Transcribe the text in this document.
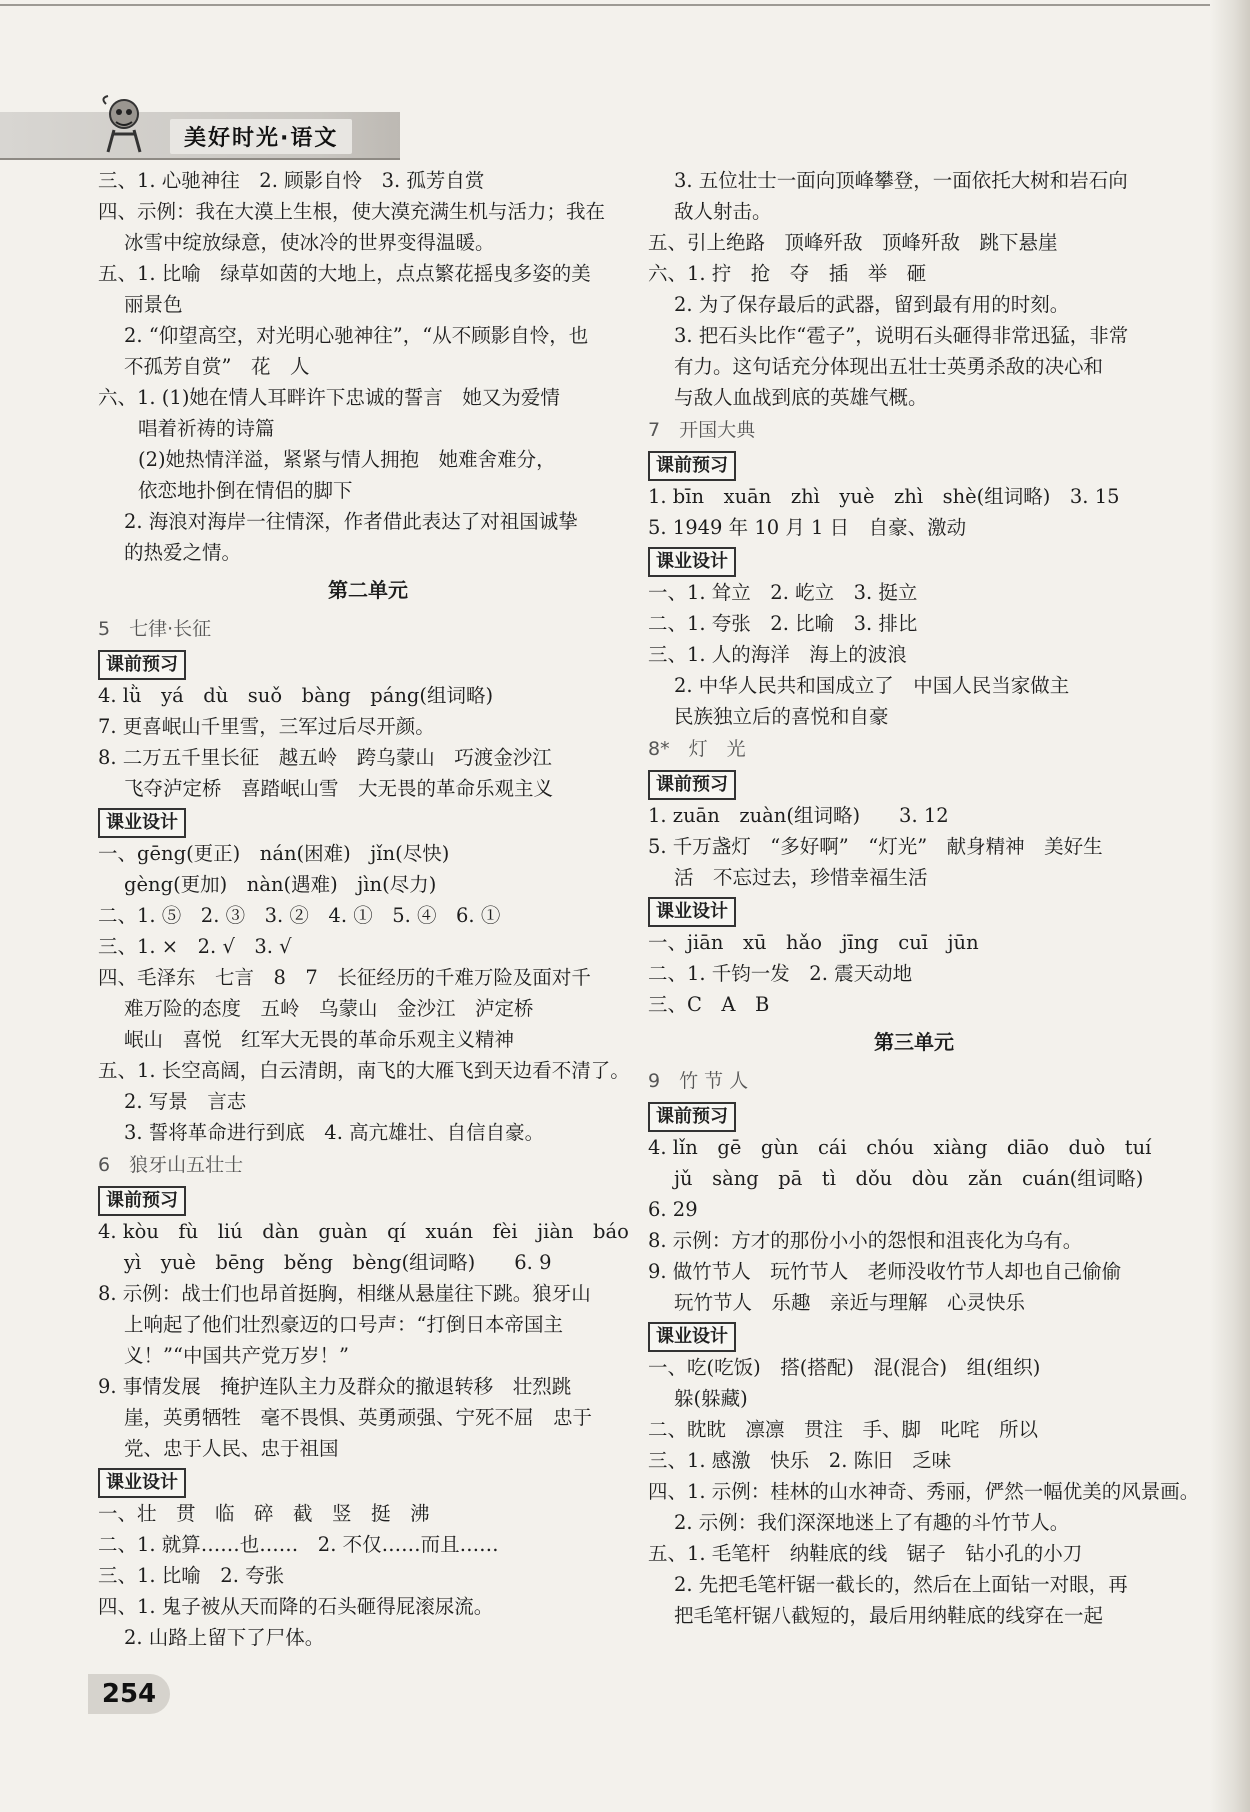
美好时光·语文
三、1. 心驰神往　2. 顾影自怜　3. 孤芳自赏
四、示例：我在大漠上生根，使大漠充满生机与活力；我在
冰雪中绽放绿意，使冰冷的世界变得温暖。
五、1. 比喻　绿草如茵的大地上，点点繁花摇曳多姿的美
丽景色
2. “仰望高空，对光明心驰神往”，“从不顾影自怜，也
不孤芳自赏”　花　人
六、1. (1)她在情人耳畔许下忠诚的誓言　她又为爱情
唱着祈祷的诗篇
(2)她热情洋溢，紧紧与情人拥抱　她难舍难分，
依恋地扑倒在情侣的脚下
2. 海浪对海岸一往情深，作者借此表达了对祖国诚挚
的热爱之情。
第二单元
5　七律·长征
课前预习
4. lǜ　yá　dù　suǒ　bàng　páng(组词略)
7. 更喜岷山千里雪，三军过后尽开颜。
8. 二万五千里长征　越五岭　跨乌蒙山　巧渡金沙江
飞夺泸定桥　喜踏岷山雪　大无畏的革命乐观主义
课业设计
一、gēng(更正)　nán(困难)　jǐn(尽快)
gèng(更加)　nàn(遇难)　jìn(尽力)
二、1. ⑤　2. ③　3. ②　4. ①　5. ④　6. ①
三、1. ×　2. √　3. √
四、毛泽东　七言　8　7　长征经历的千难万险及面对千
难万险的态度　五岭　乌蒙山　金沙江　泸定桥
岷山　喜悦　红军大无畏的革命乐观主义精神
五、1. 长空高阔，白云清朗，南飞的大雁飞到天边看不清了。
2. 写景　言志
3. 誓将革命进行到底　4. 高亢雄壮、自信自豪。
6　狼牙山五壮士
课前预习
4. kòu　fù　liú　dàn　guàn　qí　xuán　fèi　jiàn　báo
yì　yuè　bēng　běng　bèng(组词略)　　6. 9
8. 示例：战士们也昂首挺胸，相继从悬崖往下跳。狼牙山
上响起了他们壮烈豪迈的口号声：“打倒日本帝国主
义！”“中国共产党万岁！”
9. 事情发展　掩护连队主力及群众的撤退转移　壮烈跳
崖，英勇牺牲　毫不畏惧、英勇顽强、宁死不屈　忠于
党、忠于人民、忠于祖国
课业设计
一、壮　贯　临　碎　截　竖　挺　沸
二、1. 就算……也……　2. 不仅……而且……
三、1. 比喻　2. 夸张
四、1. 鬼子被从天而降的石头砸得屁滚尿流。
2. 山路上留下了尸体。
3. 五位壮士一面向顶峰攀登，一面依托大树和岩石向
敌人射击。
五、引上绝路　顶峰歼敌　顶峰歼敌　跳下悬崖
六、1. 拧　抢　夺　插　举　砸
2. 为了保存最后的武器，留到最有用的时刻。
3. 把石头比作“雹子”，说明石头砸得非常迅猛，非常
有力。这句话充分体现出五壮士英勇杀敌的决心和
与敌人血战到底的英雄气概。
7　开国大典
课前预习
1. bīn　xuān　zhì　yuè　zhì　shè(组词略)　3. 15
5. 1949 年 10 月 1 日　自豪、激动
课业设计
一、1. 耸立　2. 屹立　3. 挺立
二、1. 夸张　2. 比喻　3. 排比
三、1. 人的海洋　海上的波浪
2. 中华人民共和国成立了　中国人民当家做主
民族独立后的喜悦和自豪
8*　灯　光
课前预习
1. zuān　zuàn(组词略)　　3. 12
5. 千万盏灯　“多好啊”　“灯光”　献身精神　美好生
活　不忘过去，珍惜幸福生活
课业设计
一、jiān　xū　hǎo　jīng　cuī　jūn
二、1. 千钧一发　2. 震天动地
三、C　A　B
第三单元
9　竹 节 人
课前预习
4. lǐn　gē　gùn　cái　chóu　xiàng　diāo　duò　tuí
jǔ　sàng　pā　tì　dǒu　dòu　zǎn　cuán(组词略)
6. 29
8. 示例：方才的那份小小的怨恨和沮丧化为乌有。
9. 做竹节人　玩竹节人　老师没收竹节人却也自己偷偷
玩竹节人　乐趣　亲近与理解　心灵快乐
课业设计
一、吃(吃饭)　搭(搭配)　混(混合)　组(组织)
躲(躲藏)
二、眈眈　凛凛　贯注　手、脚　叱咤　所以
三、1. 感激　快乐　2. 陈旧　乏味
四、1. 示例：桂林的山水神奇、秀丽，俨然一幅优美的风景画。
2. 示例：我们深深地迷上了有趣的斗竹节人。
五、1. 毛笔杆　纳鞋底的线　锯子　钻小孔的小刀
2. 先把毛笔杆锯一截长的，然后在上面钻一对眼，再
把毛笔杆锯八截短的，最后用纳鞋底的线穿在一起
254
